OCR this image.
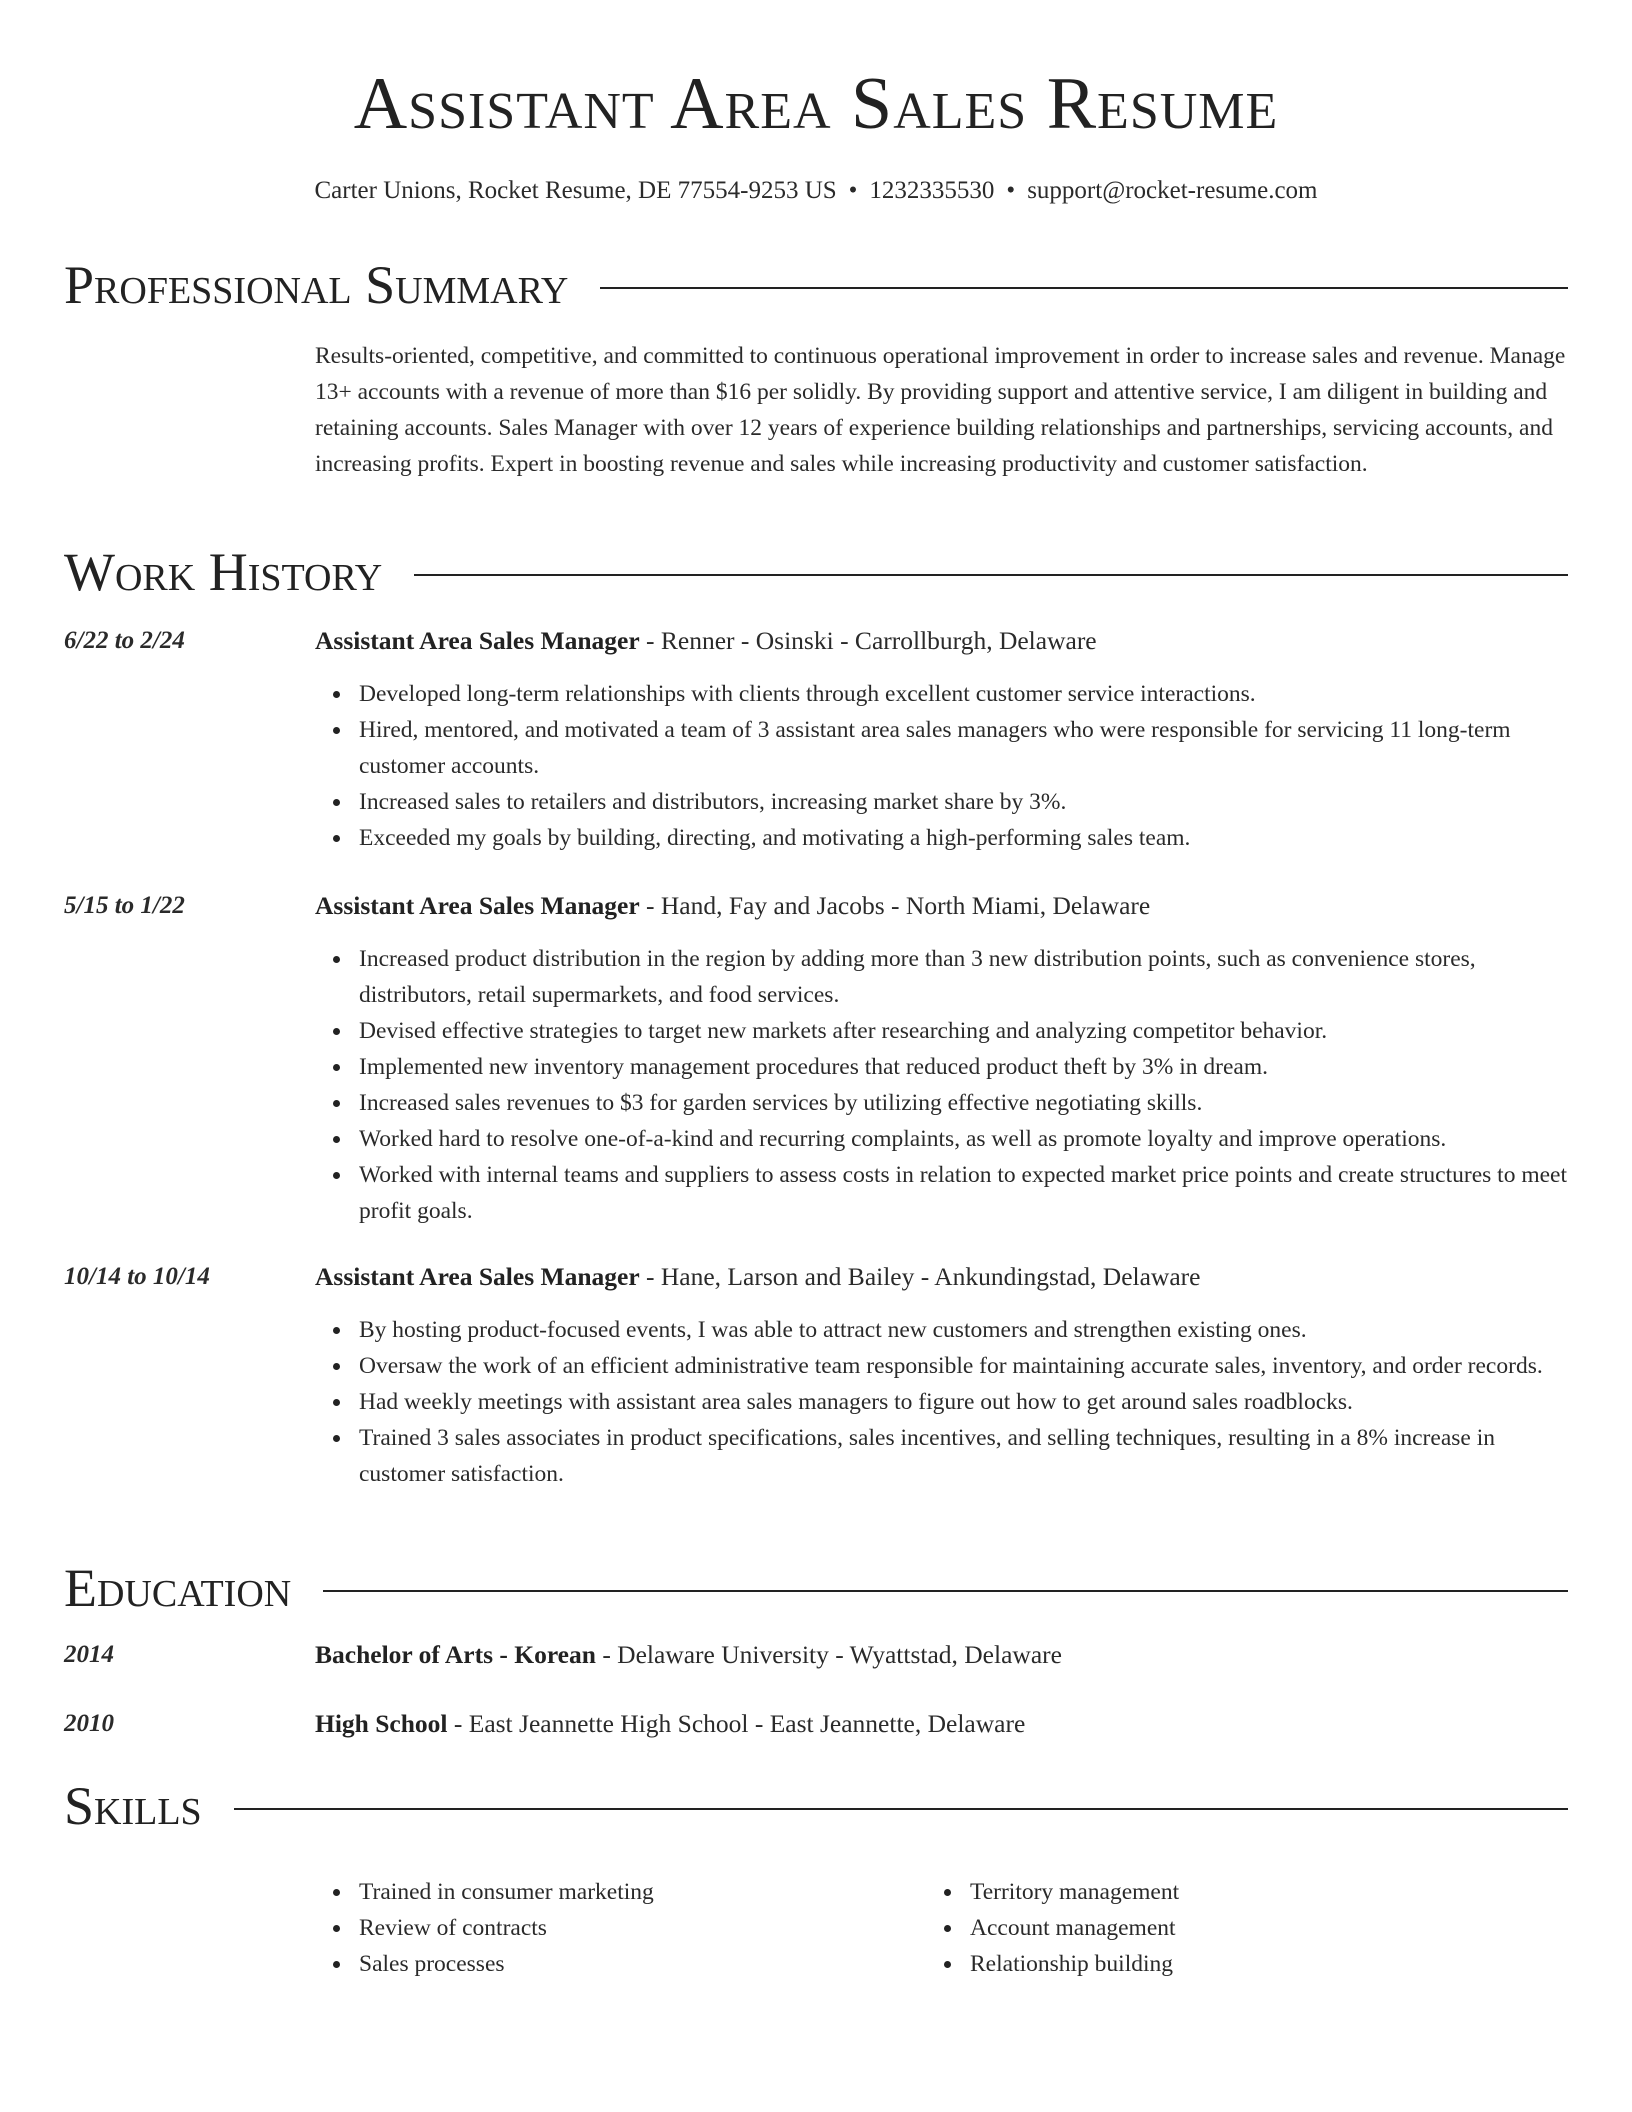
Assistant Area Sales Resume
Carter Unions, Rocket Resume, DE 77554-9253 US • 1232335530 • support@rocket-resume.com
Professional Summary
Results-oriented, competitive, and committed to continuous operational improvement in order to increase sales and revenue. Manage 13+ accounts with a revenue of more than $16 per solidly. By providing support and attentive service, I am diligent in building and retaining accounts. Sales Manager with over 12 years of experience building relationships and partnerships, servicing accounts, and increasing profits. Expert in boosting revenue and sales while increasing productivity and customer satisfaction.
Work History
6/22 to 2/24	Assistant Area Sales Manager - Renner - Osinski - Carrollburgh, Delaware
Developed long-term relationships with clients through excellent customer service interactions.
Hired, mentored, and motivated a team of 3 assistant area sales managers who were responsible for servicing 11 long-term customer accounts.
Increased sales to retailers and distributors, increasing market share by 3%.
Exceeded my goals by building, directing, and motivating a high-performing sales team.
5/15 to 1/22	Assistant Area Sales Manager - Hand, Fay and Jacobs - North Miami, Delaware
Increased product distribution in the region by adding more than 3 new distribution points, such as convenience stores, distributors, retail supermarkets, and food services.
Devised effective strategies to target new markets after researching and analyzing competitor behavior.
Implemented new inventory management procedures that reduced product theft by 3% in dream.
Increased sales revenues to $3 for garden services by utilizing effective negotiating skills.
Worked hard to resolve one-of-a-kind and recurring complaints, as well as promote loyalty and improve operations.
Worked with internal teams and suppliers to assess costs in relation to expected market price points and create structures to meet profit goals.
10/14 to 10/14	Assistant Area Sales Manager - Hane, Larson and Bailey - Ankundingstad, Delaware
By hosting product-focused events, I was able to attract new customers and strengthen existing ones.
Oversaw the work of an efficient administrative team responsible for maintaining accurate sales, inventory, and order records.
Had weekly meetings with assistant area sales managers to figure out how to get around sales roadblocks.
Trained 3 sales associates in product specifications, sales incentives, and selling techniques, resulting in a 8% increase in customer satisfaction.
Education
2014	Bachelor of Arts - Korean - Delaware University - Wyattstad, Delaware
2010	High School - East Jeannette High School - East Jeannette, Delaware
Skills
Trained in consumer marketing
Review of contracts
Sales processes
Territory management
Account management
Relationship building
